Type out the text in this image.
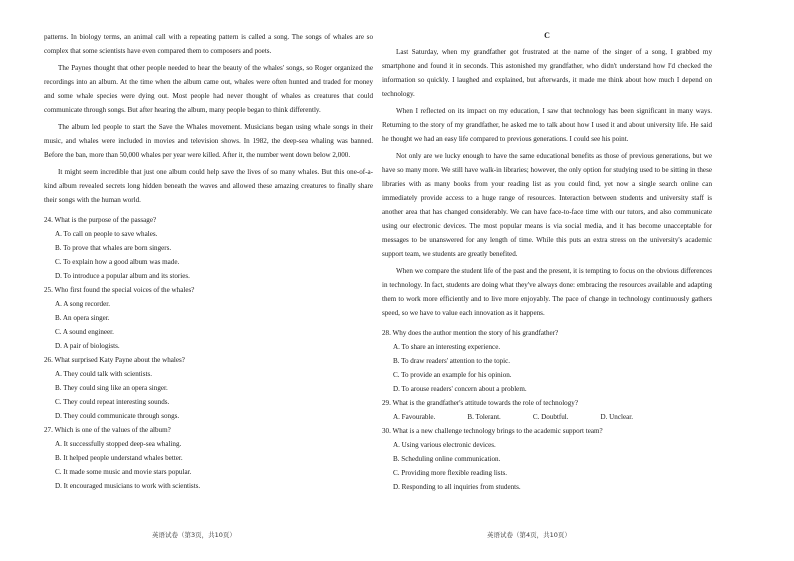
patterns. In biology terms, an animal call with a repeating pattern is called a song. The songs of whales are so complex that some scientists have even compared them to composers and poets.

The Paynes thought that other people needed to hear the beauty of the whales' songs, so Roger organized the recordings into an album. At the time when the album came out, whales were often hunted and traded for money and some whale species were dying out. Most people had never thought of whales as creatures that could communicate through songs. But after hearing the album, many people began to think differently.

The album led people to start the Save the Whales movement. Musicians began using whale songs in their music, and whales were included in movies and television shows. In 1982, the deep-sea whaling was banned. Before the ban, more than 50,000 whales per year were killed. After it, the number went down below 2,000.

It might seem incredible that just one album could help save the lives of so many whales. But this one-of-a-kind album revealed secrets long hidden beneath the waves and allowed these amazing creatures to finally share their songs with the human world.

24. What is the purpose of the passage?

A. To call on people to save whales.

B. To prove that whales are born singers.

C. To explain how a good album was made.

D. To introduce a popular album and its stories.

25. Who first found the special voices of the whales?

A. A song recorder.

B. An opera singer.

C. A sound engineer.

D. A pair of biologists.

26. What surprised Katy Payne about the whales?

A. They could talk with scientists.

B. They could sing like an opera singer.

C. They could repeat interesting sounds.

D. They could communicate through songs.

27. Which is one of the values of the album?

A. It successfully stopped deep-sea whaling.

B. It helped people understand whales better.

C. It made some music and movie stars popular.

D. It encouraged musicians to work with scientists.

英语试卷（第3页，共10页）

C

Last Saturday, when my grandfather got frustrated at the name of the singer of a song, I grabbed my smartphone and found it in seconds. This astonished my grandfather, who didn't understand how I'd checked the information so quickly. I laughed and explained, but afterwards, it made me think about how much I depend on technology.

When I reflected on its impact on my education, I saw that technology has been significant in many ways. Returning to the story of my grandfather, he asked me to talk about how I used it and about university life. He said he thought we had an easy life compared to previous generations. I could see his point.

Not only are we lucky enough to have the same educational benefits as those of previous generations, but we have so many more. We still have walk-in libraries; however, the only option for studying used to be sitting in these libraries with as many books from your reading list as you could find, yet now a single search online can immediately provide access to a huge range of resources. Interaction between students and university staff is another area that has changed considerably. We can have face-to-face time with our tutors, and also communicate using our electronic devices. The most popular means is via social media, and it has become unacceptable for messages to be unanswered for any length of time. While this puts an extra stress on the university's academic support team, we students are greatly benefited.

When we compare the student life of the past and the present, it is tempting to focus on the obvious differences in technology. In fact, students are doing what they've always done: embracing the resources available and adapting them to work more efficiently and to live more enjoyably. The pace of change in technology continuously gathers speed, so we have to value each innovation as it happens.

28. Why does the author mention the story of his grandfather?

A. To share an interesting experience.

B. To draw readers' attention to the topic.

C. To provide an example for his opinion.

D. To arouse readers' concern about a problem.

29. What is the grandfather's attitude towards the role of technology?

A. Favourable.	B. Tolerant.	C. Doubtful.	D. Unclear.

30. What is a new challenge technology brings to the academic support team?

A. Using various electronic devices.

B. Scheduling online communication.

C. Providing more flexible reading lists.

D. Responding to all inquiries from students.

英语试卷（第4页，共10页）
